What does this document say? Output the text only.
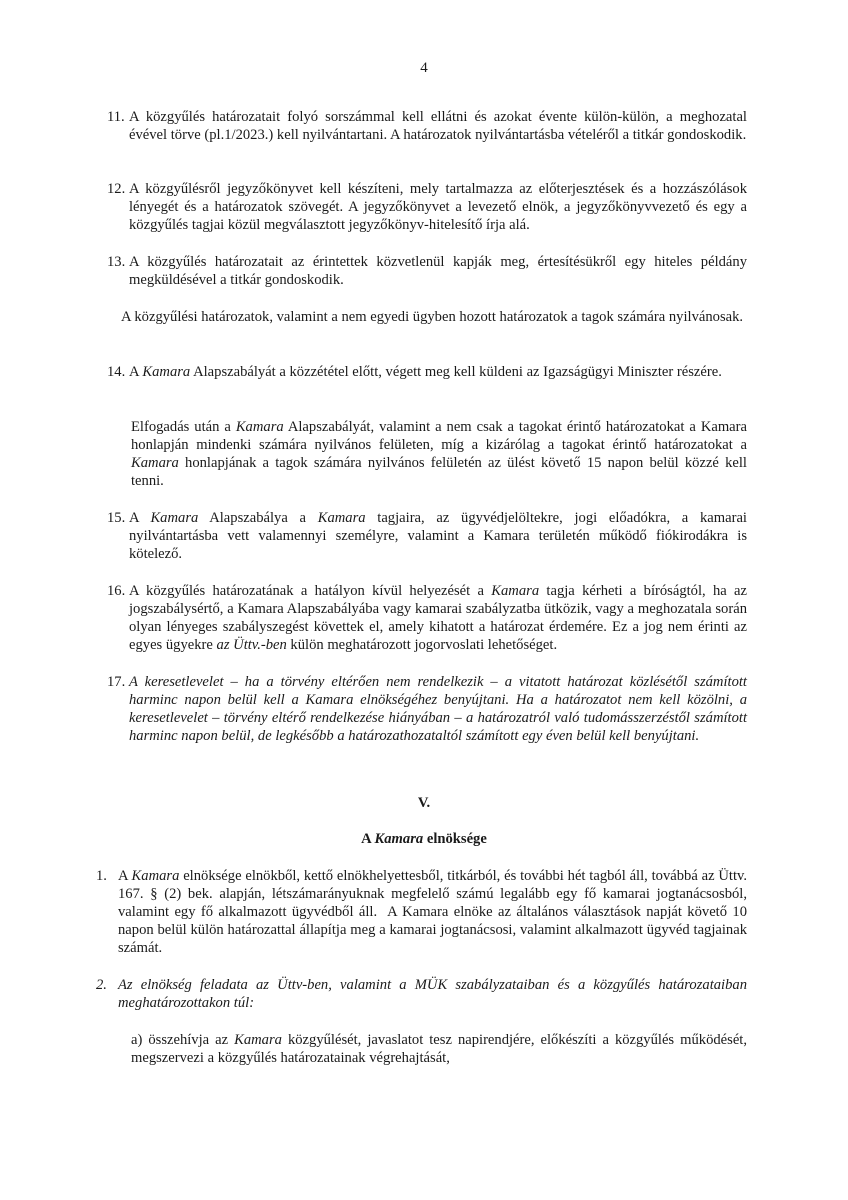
4
11. A közgyűlés határozatait folyó sorszámmal kell ellátni és azokat évente külön-külön, a meghozatal évével törve (pl.1/2023.) kell nyilvántartani. A határozatok nyilvántartásba vételéről a titkár gondoskodik.
12. A közgyűlésről jegyzőkönyvet kell készíteni, mely tartalmazza az előterjesztések és a hozzászólások lényegét és a határozatok szövegét. A jegyzőkönyvet a levezető elnök, a jegyzőkönyvvezető és egy a közgyűlés tagjai közül megválasztott jegyzőkönyv-hitelesítő írja alá.
13. A közgyűlés határozatait az érintettek közvetlenül kapják meg, értesítésükről egy hiteles példány megküldésével a titkár gondoskodik.
A közgyűlési határozatok, valamint a nem egyedi ügyben hozott határozatok a tagok számára nyilvánosak.
14. A Kamara Alapszabályát a közzététel előtt, végett meg kell küldeni az Igazságügyi Miniszter részére.
Elfogadás után a Kamara Alapszabályát, valamint a nem csak a tagokat érintő határozatokat a Kamara honlapján mindenki számára nyilvános felületen, míg a kizárólag a tagokat érintő határozatokat a Kamara honlapjának a tagok számára nyilvános felületén az ülést követő 15 napon belül közzé kell tenni.
15. A Kamara Alapszabálya a Kamara tagjaira, az ügyvédjelöltekre, jogi előadókra, a kamarai nyilvántartásba vett valamennyi személyre, valamint a Kamara területén működő fiókirodákra is kötelező.
16. A közgyűlés határozatának a hatályon kívül helyezését a Kamara tagja kérheti a bíróságtól, ha az jogszabálysértő, a Kamara Alapszabályába vagy kamarai szabályzatba ütközik, vagy a meghozatala során olyan lényeges szabályszegést követtek el, amely kihatott a határozat érdemére. Ez a jog nem érinti az egyes ügyekre az Üttv.-ben külön meghatározott jogorvoslati lehetőséget.
17. A keresetlevelet – ha a törvény eltérően nem rendelkezik – a vitatott határozat közlésétől számított harminc napon belül kell a Kamara elnökségéhez benyújtani. Ha a határozatot nem kell közölni, a keresetlevelet – törvény eltérő rendelkezése hiányában – a határozatról való tudomásszerzéstől számított harminc napon belül, de legkésőbb a határozathozataltól számított egy éven belül kell benyújtani.
V.
A Kamara elnöksége
1. A Kamara elnöksége elnökből, kettő elnökhelyettesből, titkárból, és további hét tagból áll, továbbá az Üttv. 167. § (2) bek. alapján, létszámarányuknak megfelelő számú legalább egy fő kamarai jogtanácsosból, valamint egy fő alkalmazott ügyvédből áll.  A Kamara elnöke az általános választások napját követő 10 napon belül külön határozattal állapítja meg a kamarai jogtanácsosi, valamint alkalmazott ügyvéd tagjainak számát.
2. Az elnökség feladata az Üttv-ben, valamint a MÜK szabályzataiban és a közgyűlés határozataiban meghatározottakon túl:
a) összehívja az Kamara közgyűlését, javaslatot tesz napirendjére, előkészíti a közgyűlés működését, megszervezi a közgyűlés határozatainak végrehajtását,
